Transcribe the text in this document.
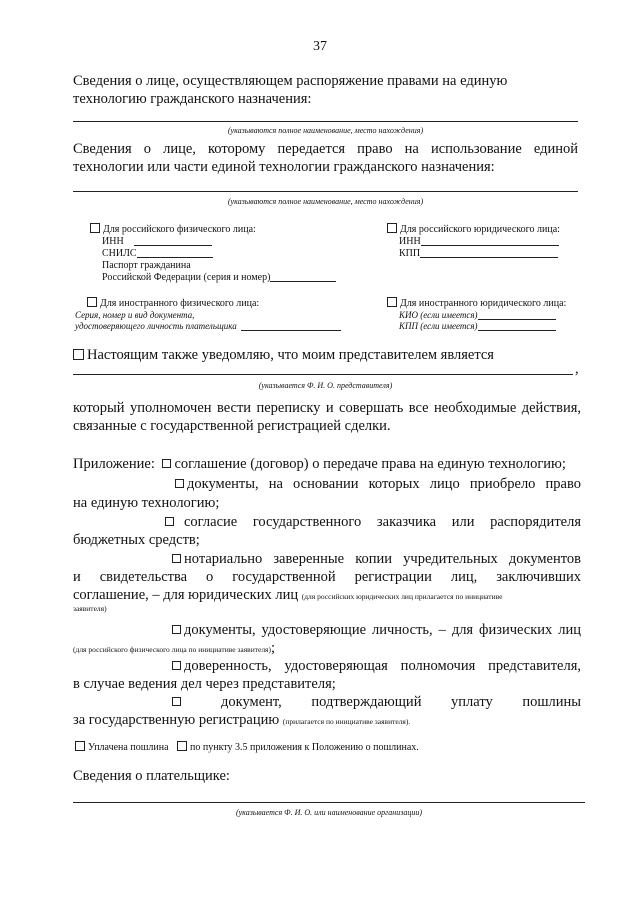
37
Сведения о лице, осуществляющем распоряжение правами на единую
технологию гражданского назначения:
(указываются полное наименование, место нахождения)
Сведения о лице, которому передается право на использование единой
технологии или части единой технологии гражданского назначения:
(указываются полное наименование, место нахождения)
Для российского физического лица:
ИНН
СНИЛС
Паспорт гражданина
Российской Федерации (серия и номер)
Для российского юридического лица:
ИНН
КПП
Для иностранного физического лица:
Серия, номер и вид документа,
удостоверяющего личность плательщика
Для иностранного юридического лица:
КИО (если имеется)
КПП (если имеется)
Настоящим также уведомляю, что моим представителем является
,
(указывается Ф. И. О. представителя)
который уполномочен вести переписку и совершать все необходимые действия,
связанные с государственной регистрацией сделки.
Приложение: соглашение (договор) о передаче права на единую технологию;
документы, на основании которых лицо приобрело право
на единую технологию;
согласие государственного заказчика или распорядителя
бюджетных средств;
нотариально заверенные копии учредительных документов
и свидетельства о государственной регистрации лиц, заключивших
соглашение, – для юридических лиц (для российских юридических лиц прилагается по инициативе
заявителя)
документы, удостоверяющие личность, – для физических лиц
(для российского физического лица по инициативе заявителя);
доверенность, удостоверяющая полномочия представителя,
в случае ведения дел через представителя;
документ, подтверждающий уплату пошлины
за государственную регистрацию (прилагается по инициативе заявителя).
Уплачена пошлина по пункту 3.5 приложения к Положению о пошлинах.
Сведения о плательщике:
(указывается Ф. И. О. или наименование организации)
